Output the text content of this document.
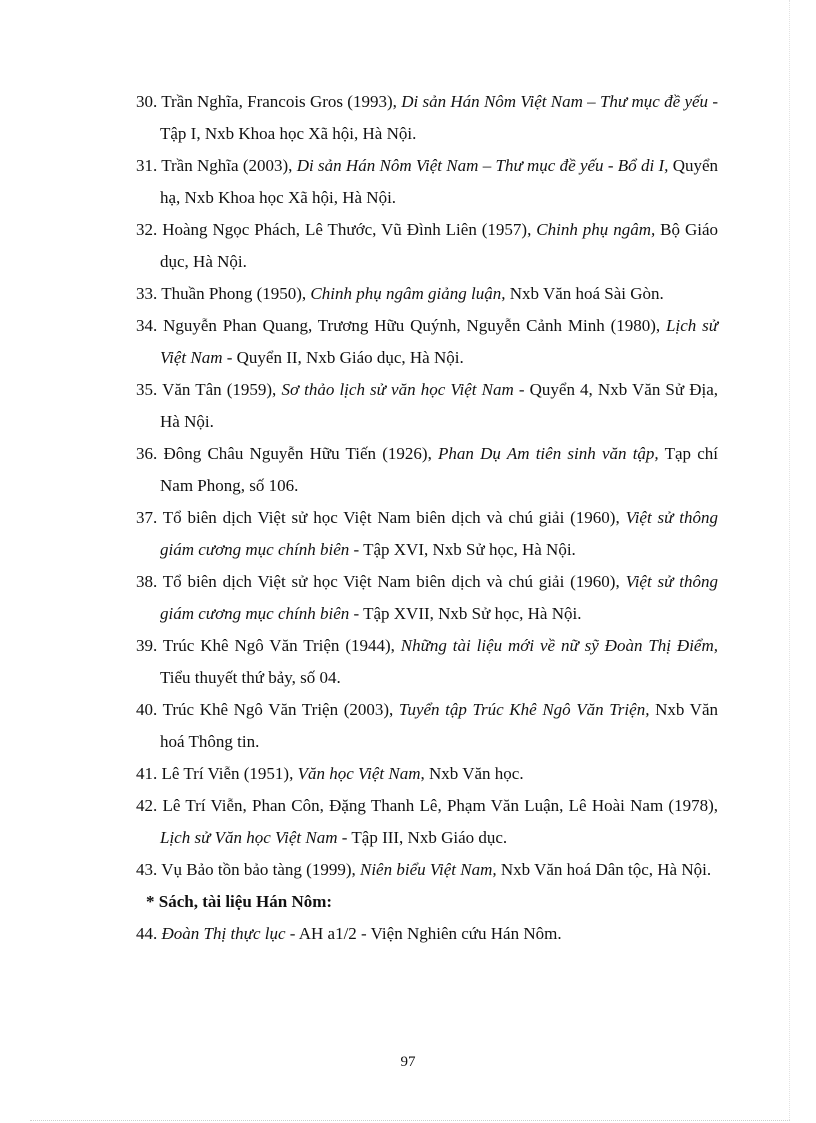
30. Trần Nghĩa, Francois Gros (1993), Di sản Hán Nôm Việt Nam – Thư mục đề yếu - Tập I, Nxb Khoa học Xã hội, Hà Nội.

31. Trần Nghĩa (2003), Di sản Hán Nôm Việt Nam – Thư mục đề yếu - Bổ di I, Quyển hạ, Nxb Khoa học Xã hội, Hà Nội.

32. Hoàng Ngọc Phách, Lê Thước, Vũ Đình Liên (1957), Chinh phụ ngâm, Bộ Giáo dục, Hà Nội.

33. Thuần Phong (1950), Chinh phụ ngâm giảng luận, Nxb Văn hoá Sài Gòn.

34. Nguyễn Phan Quang, Trương Hữu Quýnh, Nguyễn Cảnh Minh (1980), Lịch sử Việt Nam - Quyển II, Nxb Giáo dục, Hà Nội.

35. Văn Tân (1959), Sơ thảo lịch sử văn học Việt Nam - Quyển 4, Nxb Văn Sử Địa, Hà Nội.

36. Đông Châu Nguyễn Hữu Tiến (1926), Phan Dụ Am tiên sinh văn tập, Tạp chí Nam Phong, số 106.

37. Tổ biên dịch Việt sử học Việt Nam biên dịch và chú giải (1960), Việt sử thông giám cương mục chính biên - Tập XVI, Nxb Sử học, Hà Nội.

38. Tổ biên dịch Việt sử học Việt Nam biên dịch và chú giải (1960), Việt sử thông giám cương mục chính biên - Tập XVII, Nxb Sử học, Hà Nội.

39. Trúc Khê Ngô Văn Triện (1944), Những tài liệu mới về nữ sỹ Đoàn Thị Điểm, Tiểu thuyết thứ bảy, số 04.

40. Trúc Khê Ngô Văn Triện (2003), Tuyển tập Trúc Khê Ngô Văn Triện, Nxb Văn hoá Thông tin.

41. Lê Trí Viễn (1951), Văn học Việt Nam, Nxb Văn học.

42. Lê Trí Viễn, Phan Côn, Đặng Thanh Lê, Phạm Văn Luận, Lê Hoài Nam (1978), Lịch sử Văn học Việt Nam - Tập III, Nxb Giáo dục.

43. Vụ Bảo tồn bảo tàng (1999), Niên biểu Việt Nam, Nxb Văn hoá Dân tộc, Hà Nội.

* Sách, tài liệu Hán Nôm:

44. Đoàn Thị thực lục - AH a1/2 - Viện Nghiên cứu Hán Nôm.

97
